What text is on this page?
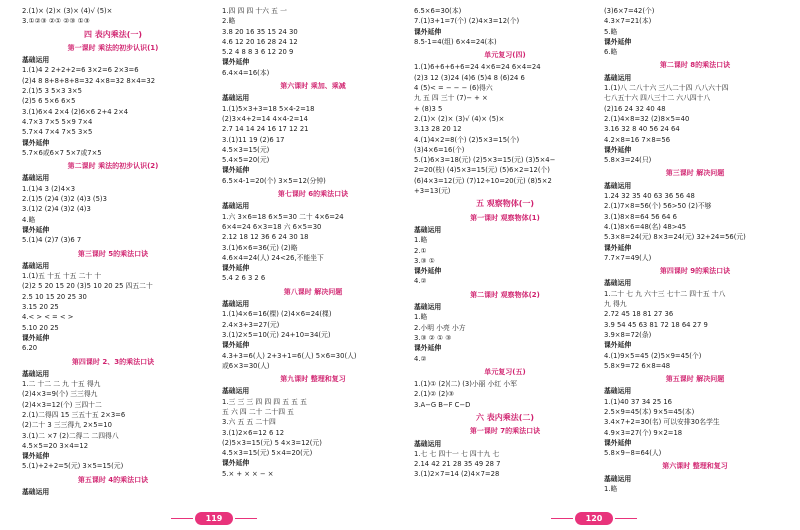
2.(1)× (2)× (3)× (4)√ (5)×

3.①②③ ②① ②③ ①③

四 表内乘法(一)
第一课时 乘法的初步认识(1)

基础运用

1.(1)4 2 2+2+2=6 3×2=6 2×3=6

(2)4 8 8+8+8+8=32 4×8=32 8×4=32

2.(1)5 3 5×3 3×5

(2)5 6 5×6 6×5

3.(1)6×4 2×4 (2)6×6 2+4 2×4

4.7×3 7×5 5×9 7×4

5.7×4 7×4 7×5 3×5

课外延伸

5.7×6或6×7 5×7或7×5

第二课时 乘法的初步认识(2)

基础运用

1.(1)4 3 (2)4×3

2.(1)5 (2)4 (3)2 (4)3 (5)3

3.(1)2 (2)4 (3)2 (4)3

4.略

课外延伸

5.(1)4 (2)7 (3)6 7

第三课时 5的乘法口诀

基础运用

1.(1)五 十五 十五 二十 十

(2)2 5 20 15 20 (3)5 10 20 25 四五二十

2.5 10 15 20 25 30

3.15 20 25

4.< > < = < >

5.10 20 25

课外延伸

6.20

第四课时 2、3的乘法口诀

基础运用

1.二 十二 二 九 十五 得九

(2)4×3=9(个) 三三得九

(2)4×3=12(个) 三四十二

2.(1)二得四 15 三五十五 2×3=6

(2)二十 3 三三得九 2×5=10

3.(1)二 ×7 (2)二得二 二四得八

4.5×5=20 3×4=12

课外延伸

5.(1)+2+2=5(元) 3×5=15(元)

第五课时 4的乘法口诀

基础运用

1.四 四 四 十六 五 一

2.略

3.8 20 16 35 15 24 30

4.6 12 20 16 28 24 12

5.2 4 8 8 3 6 12 20 9

课外延伸

6.4×4=16(本)

第六课时 乘加、乘减

基础运用

1.(1)5×3+3=18 5×4-2=18

(2)3×4+2=14 4×4-2=14

2.7 14 14 24 16 17 12 21

3.(1)11 19 (2)6 17

4.5×3=15(元)

5.4×5=20(元)

课外延伸

6.5×4-1=20(个) 3×5=12(分钟)

第七课时 6的乘法口诀

基础运用

1.六 3×6=18 6×5=30 二十 4×6=24

6×4=24 6×3=18 六 6×5=30

2.12 18 12 36 6 24 30 18

3.(1)6×6=36(元) (2)略

4.6×4=24(人) 24<26,不能坐下

课外延伸

5.4 2 6 3 2 6

第八课时 解决问题

基础运用

1.(1)4×6=16(棵) (2)4×6=24(棵)

2.4×3+3=27(元)

3.(1)2×5=10(元) 24+10=34(元)

课外延伸

4.3+3=6(人) 2+3+1=6(人) 5×6=30(人)

或6×3=30(人)

第九课时 整理和复习

基础运用

1.三 三 三 四 四 四 五 五 五

五 六 四 二十 二十四 五

3.六 五 五 二十四

3.(1)2×6=12 6 12

(2)5×3=15(元) 5 4×3=12(元)

4.5×3=15(元) 5×4=20(元)

课外延伸

5.× + × × − ×

6.5×6=30(本)

7.(1)3+1=7(个) (2)4×3=12(个)

课外延伸

8.5-1=4(组) 6×4=24(本)

单元复习(四)

1.(1)6+6+6+6=24 4×6=24 6×4=24

(2)3 12 (3)24 (4)6 (5)4 8 (6)24 6

4 (5)< = − − − (6)得六

九 五 四 三十 (7)− + ×

+ (8)3 5

2.(1)× (2)× (3)√ (4)× (5)×

3.13 28 20 12

4.(1)4×2=8(个) (2)5×3=15(个)

(3)4×6=16(个)

5.(1)6×3=18(元) (2)5×3=15(元) (3)5×4−

2=20(枝) (4)5×3=15(元) (5)6×2=12(个)

(6)4×3=12(元) (7)12÷10=20(元) (8)5×2

+3=13(元)

五 观察物体(一)
第一课时 观察物体(1)

基础运用

1.略

2.①

3.③ ①

课外延伸

4.②

第二课时 观察物体(2)

基础运用

1.略

2.小明 小亮 小方

3.③ ② ① ③

课外延伸

4.②

单元复习(五)

1.(1)① (2)(二) (3)小丽 小红 小军

2.(1)② (2)③

3.A−G B−F C−D

六 表内乘法(二)
第一课时 7的乘法口诀

基础运用

1.七 七 四十一 七 四十九 七

2.14 42 21 28 35 49 28 7

3.(1)2×7=14 (2)4×7=28

(3)6×7=42(个)

4.3×7=21(本)

5.略

课外延伸

6.略

第二课时 8的乘法口诀

基础运用

1.(1)八 二八十六 三八二十四 八八六十四

七八五十六 四八三十二 六八四十八

(2)16 24 32 40 48

2.(1)4×8=32 (2)8×5=40

3.16 32 8 40 56 24 64

4.2×8=16 7×8=56

课外延伸

5.8×3=24(只)

第三课时 解决问题

基础运用

1.24 32 35 40 63 36 56 48

2.(1)7×8=56(个) 56>50 (2)不够

3.(1)8×8=64 56 64 6

4.(1)8×6=48(名) 48>45

5.3×8=24(元) 8×3=24(元) 32+24=56(元)

课外延伸

7.7×7=49(人)

第四课时 9的乘法口诀

基础运用

1.二十 七 九 六十三 七十二 四十五 十八

九 得九

2.72 45 18 81 27 36

3.9 54 45 63 81 72 18 64 27 9

3.9×8=72(条)

课外延伸

4.(1)9×5=45 (2)5×9=45(个)

5.8×9=72 6×8=48

第五课时 解决问题

基础运用

1.(1)40 37 34 25 16

2.5×9=45(本) 9×5=45(本)

3.4×7+2=30(名) 可以安排30名学生

4.9×3=27(个) 9×2=18

课外延伸

5.8×9−8=64(人)

第六课时 整理和复习

基础运用

1.略

119	120
